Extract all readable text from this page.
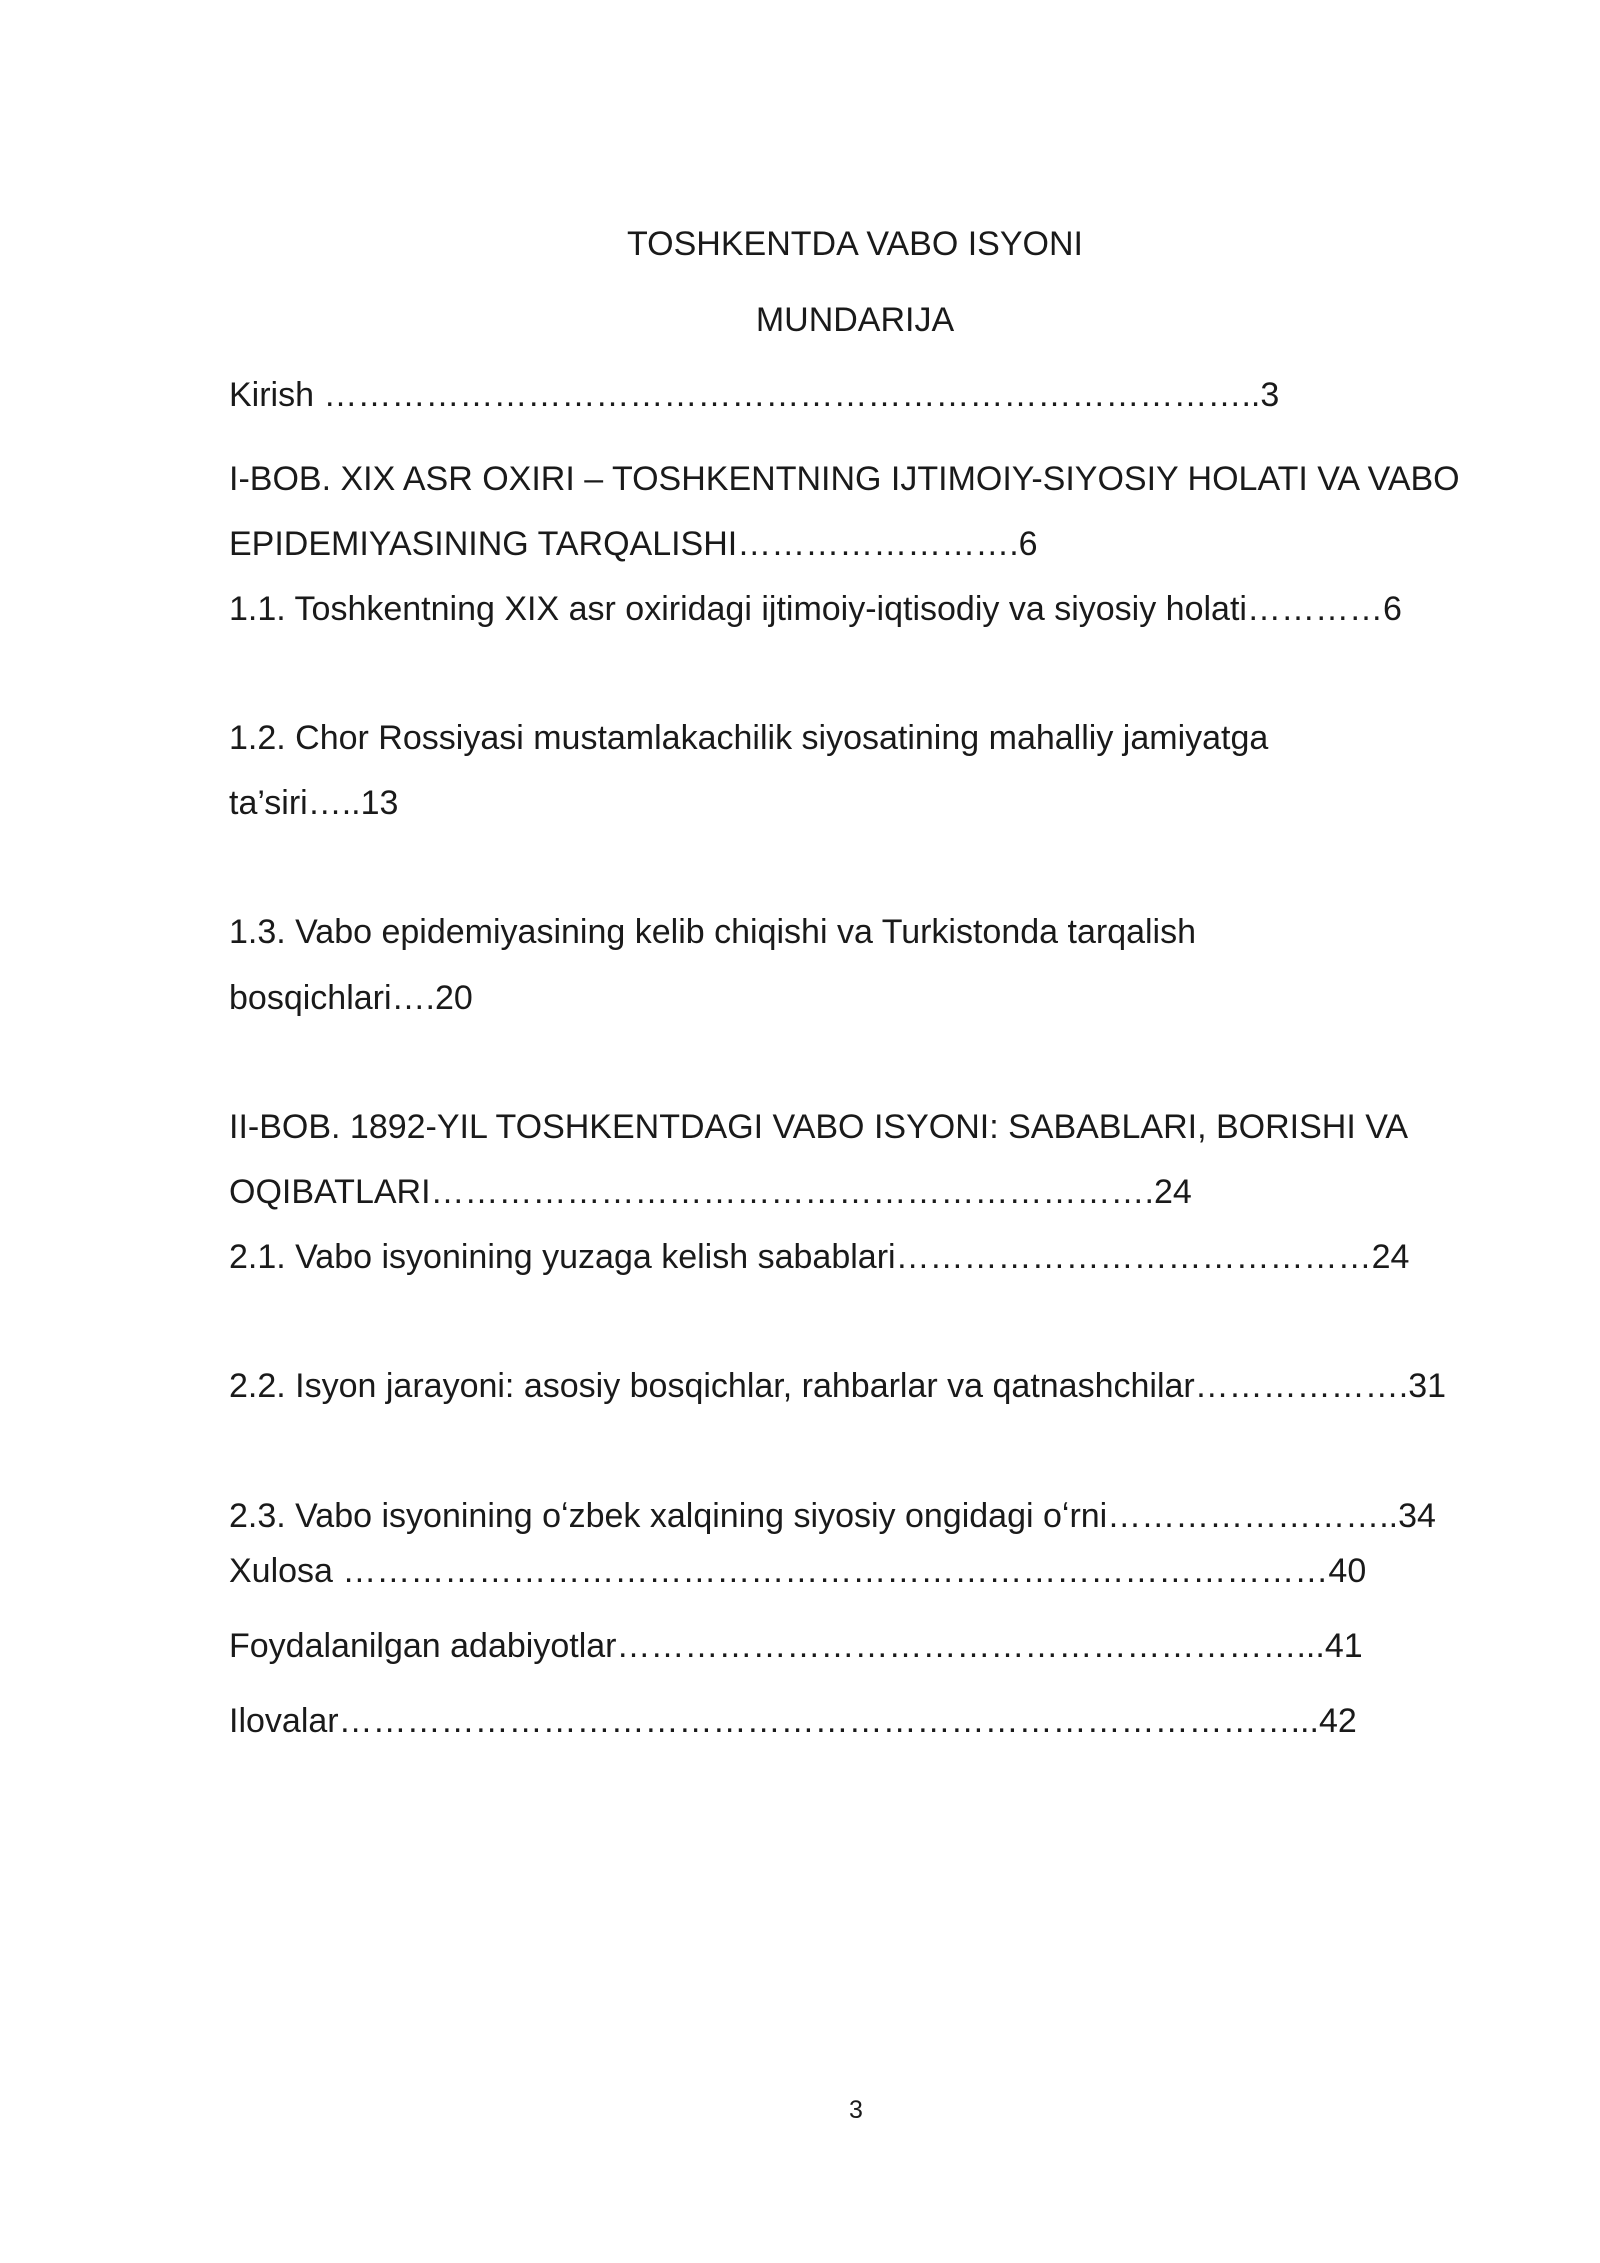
TOSHKENTDA VABO ISYONI

MUNDARIJA

Kirish ………………………………………………………………………..3

I-BOB. XIX ASR OXIRI – TOSHKENTNING IJTIMOIY-SIYOSIY HOLATI VA VABO

EPIDEMIYASINING TARQALISHI…………………….6

1.1. Toshkentning XIX asr oxiridagi ijtimoiy-iqtisodiy va siyosiy holati…………6

1.2. Chor Rossiyasi mustamlakachilik siyosatining mahalliy jamiyatga

ta’siri…..13

1.3. Vabo epidemiyasining kelib chiqishi va Turkistonda tarqalish

bosqichlari….20

II-BOB. 1892-YIL TOSHKENTDAGI VABO ISYONI: SABABLARI, BORISHI VA

OQIBATLARI……………………………………………………….24

2.1. Vabo isyonining yuzaga kelish sabablari……………………………………24

2.2. Isyon jarayoni: asosiy bosqichlar, rahbarlar va qatnashchilar……………….31

2.3. Vabo isyonining oʻzbek xalqining siyosiy ongidagi oʻrni……………………..34

Xulosa ……………………………………………………………………………40

Foydalanilgan adabiyotlar……………………………………………………...41

Ilovalar…………………………………………………………………………...42

3
